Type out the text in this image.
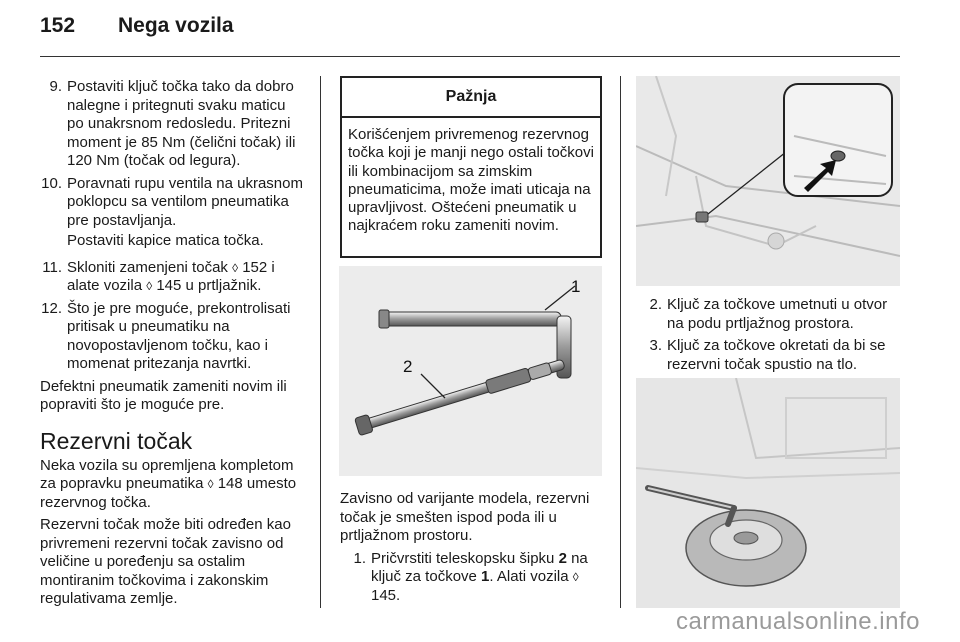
152 Nega vozila
9. Postaviti ključ točka tako da dobro nalegne i pritegnuti svaku maticu po unakrsnom redosledu. Pritezni moment je 85 Nm (čelični točak) ili 120 Nm (točak od legura).
10. Poravnati rupu ventila na ukrasnom poklopcu sa ventilom pneumatika pre postavljanja.
Postaviti kapice matica točka.
11. Skloniti zamenjeni točak ◊ 152 i alate vozila ◊ 145 u prtljažnik.
12. Što je pre moguće, prekontrolisati pritisak u pneumatiku na novopostavljenom točku, kao i momenat pritezanja navrtki.

Defektni pneumatik zameniti novim ili popraviti što je moguće pre.

Rezervni točak

Neka vozila su opremljena kompletom za popravku pneumatika ◊ 148 umesto rezervnog točka.

Rezervni točak može biti određen kao privremeni rezervni točak zavisno od veličine u poređenju sa ostalim montiranim točkovima i zakonskim regulativama zemlje.

Pažnja
Korišćenjem privremenog rezervnog točka koji je manji nego ostali točkovi ili kombinacijom sa zimskim pneumaticima, može imati uticaja na upravljivost. Oštećeni pneumatik u najkraćem roku zameniti novim.
1
2

Zavisno od varijante modela, rezervni točak je smešten ispod poda ili u prtljažnom prostoru.

1. Pričvrstiti teleskopsku šipku 2 na ključ za točkove 1. Alati vozila ◊ 145.
2. Ključ za točkove umetnuti u otvor na podu prtljažnog prostora.
3. Ključ za točkove okretati da bi se rezervni točak spustio na tlo.
carmanualsonline.info
